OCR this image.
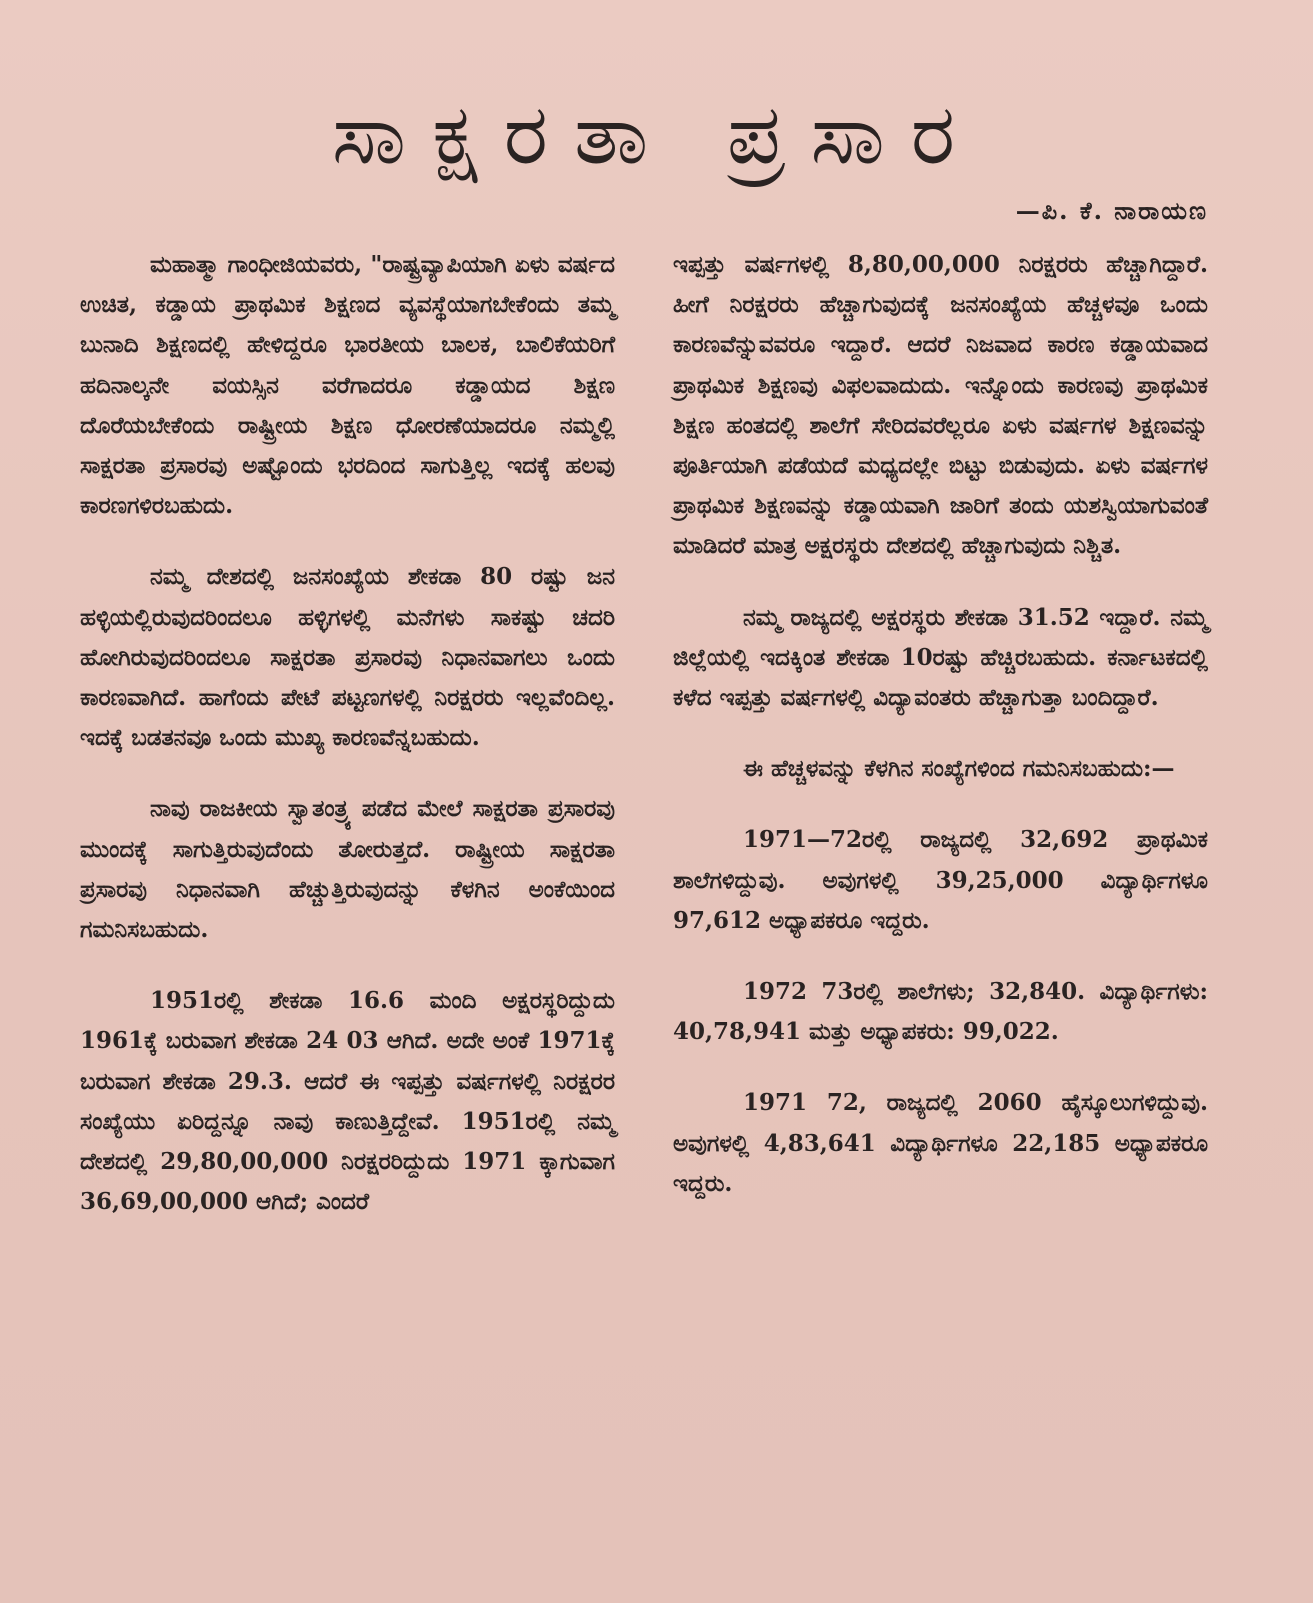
ಸಾಕ್ಷರತಾ ಪ್ರಸಾರ
—ಪಿ. ಕೆ. ನಾರಾಯಣ

ಮಹಾತ್ಮಾ ಗಾಂಧೀಜಿಯವರು, "ರಾಷ್ಟ್ರವ್ಯಾಪಿಯಾಗಿ ಏಳು ವರ್ಷದ ಉಚಿತ, ಕಡ್ಡಾಯ ಪ್ರಾಥಮಿಕ ಶಿಕ್ಷಣದ ವ್ಯವಸ್ಥೆಯಾಗಬೇಕೆಂದು ತಮ್ಮ ಬುನಾದಿ ಶಿಕ್ಷಣದಲ್ಲಿ ಹೇಳಿದ್ದರೂ ಭಾರತೀಯ ಬಾಲಕ, ಬಾಲಿಕೆಯರಿಗೆ ಹದಿನಾಲ್ಕನೇ ವಯಸ್ಸಿನ ವರೆಗಾದರೂ ಕಡ್ಡಾಯದ ಶಿಕ್ಷಣ ದೊರೆಯಬೇಕೆಂದು ರಾಷ್ಟ್ರೀಯ ಶಿಕ್ಷಣ ಧೋರಣೆಯಾದರೂ ನಮ್ಮಲ್ಲಿ ಸಾಕ್ಷರತಾ ಪ್ರಸಾರವು ಅಷ್ಟೊಂದು ಭರದಿಂದ ಸಾಗುತ್ತಿಲ್ಲ ಇದಕ್ಕೆ ಹಲವು ಕಾರಣಗಳಿರಬಹುದು.

ನಮ್ಮ ದೇಶದಲ್ಲಿ ಜನಸಂಖ್ಯೆಯ ಶೇಕಡಾ 80 ರಷ್ಟು ಜನ ಹಳ್ಳಿಯಲ್ಲಿರುವುದರಿಂದಲೂ ಹಳ್ಳಿಗಳಲ್ಲಿ ಮನೆಗಳು ಸಾಕಷ್ಟು ಚದರಿ ಹೋಗಿರುವುದರಿಂದಲೂ ಸಾಕ್ಷರತಾ ಪ್ರಸಾರವು ನಿಧಾನವಾಗಲು ಒಂದು ಕಾರಣವಾಗಿದೆ. ಹಾಗೆಂದು ಪೇಟೆ ಪಟ್ಟಣಗಳಲ್ಲಿ ನಿರಕ್ಷರರು ಇಲ್ಲವೆಂದಿಲ್ಲ. ಇದಕ್ಕೆ ಬಡತನವೂ ಒಂದು ಮುಖ್ಯ ಕಾರಣವೆನ್ನಬಹುದು.

ನಾವು ರಾಜಕೀಯ ಸ್ವಾತಂತ್ರ್ಯ ಪಡೆದ ಮೇಲೆ ಸಾಕ್ಷರತಾ ಪ್ರಸಾರವು ಮುಂದಕ್ಕೆ ಸಾಗುತ್ತಿರುವುದೆಂದು ತೋರುತ್ತದೆ. ರಾಷ್ಟ್ರೀಯ ಸಾಕ್ಷರತಾ ಪ್ರಸಾರವು ನಿಧಾನವಾಗಿ ಹೆಚ್ಚುತ್ತಿರುವುದನ್ನು ಕೆಳಗಿನ ಅಂಕೆಯಿಂದ ಗಮನಿಸಬಹುದು.

1951ರಲ್ಲಿ ಶೇಕಡಾ 16.6 ಮಂದಿ ಅಕ್ಷರಸ್ಥರಿದ್ದುದು 1961ಕ್ಕೆ ಬರುವಾಗ ಶೇಕಡಾ 24 03 ಆಗಿದೆ. ಅದೇ ಅಂಕೆ 1971ಕ್ಕೆ ಬರುವಾಗ ಶೇಕಡಾ 29.3. ಆದರೆ ಈ ಇಪ್ಪತ್ತು ವರ್ಷಗಳಲ್ಲಿ ನಿರಕ್ಷರರ ಸಂಖ್ಯೆಯು ಏರಿದ್ದನ್ನೂ ನಾವು ಕಾಣುತ್ತಿದ್ದೇವೆ. 1951ರಲ್ಲಿ ನಮ್ಮ ದೇಶದಲ್ಲಿ 29,80,00,000 ನಿರಕ್ಷರರಿದ್ದುದು 1971 ಕ್ಕಾಗುವಾಗ 36,69,00,000 ಆಗಿದೆ; ಎಂದರೆ

ಇಪ್ಪತ್ತು ವರ್ಷಗಳಲ್ಲಿ 8,80,00,000 ನಿರಕ್ಷರರು ಹೆಚ್ಚಾಗಿದ್ದಾರೆ. ಹೀಗೆ ನಿರಕ್ಷರರು ಹೆಚ್ಚಾಗುವುದಕ್ಕೆ ಜನಸಂಖ್ಯೆಯ ಹೆಚ್ಚಳವೂ ಒಂದು ಕಾರಣವೆನ್ನುವವರೂ ಇದ್ದಾರೆ. ಆದರೆ ನಿಜವಾದ ಕಾರಣ ಕಡ್ಡಾಯವಾದ ಪ್ರಾಥಮಿಕ ಶಿಕ್ಷಣವು ವಿಫಲವಾದುದು. ಇನ್ನೊಂದು ಕಾರಣವು ಪ್ರಾಥಮಿಕ ಶಿಕ್ಷಣ ಹಂತದಲ್ಲಿ ಶಾಲೆಗೆ ಸೇರಿದವರೆಲ್ಲರೂ ಏಳು ವರ್ಷಗಳ ಶಿಕ್ಷಣವನ್ನು ಪೂರ್ತಿಯಾಗಿ ಪಡೆಯದೆ ಮಧ್ಯದಲ್ಲೇ ಬಿಟ್ಟು ಬಿಡುವುದು. ಏಳು ವರ್ಷಗಳ ಪ್ರಾಥಮಿಕ ಶಿಕ್ಷಣವನ್ನು ಕಡ್ಡಾಯವಾಗಿ ಜಾರಿಗೆ ತಂದು ಯಶಸ್ವಿಯಾಗುವಂತೆ ಮಾಡಿದರೆ ಮಾತ್ರ ಅಕ್ಷರಸ್ಥರು ದೇಶದಲ್ಲಿ ಹೆಚ್ಚಾಗುವುದು ನಿಶ್ಚಿತ.

ನಮ್ಮ ರಾಜ್ಯದಲ್ಲಿ ಅಕ್ಷರಸ್ಥರು ಶೇಕಡಾ 31.52 ಇದ್ದಾರೆ. ನಮ್ಮ ಜಿಲ್ಲೆಯಲ್ಲಿ ಇದಕ್ಕಿಂತ ಶೇಕಡಾ 10ರಷ್ಟು ಹೆಚ್ಚಿರಬಹುದು. ಕರ್ನಾಟಕದಲ್ಲಿ ಕಳೆದ ಇಪ್ಪತ್ತು ವರ್ಷಗಳಲ್ಲಿ ವಿದ್ಯಾವಂತರು ಹೆಚ್ಚಾಗುತ್ತಾ ಬಂದಿದ್ದಾರೆ.

ಈ ಹೆಚ್ಚಳವನ್ನು ಕೆಳಗಿನ ಸಂಖ್ಯೆಗಳಿಂದ ಗಮನಿಸಬಹುದು:—

1971—72ರಲ್ಲಿ ರಾಜ್ಯದಲ್ಲಿ 32,692 ಪ್ರಾಥಮಿಕ ಶಾಲೆಗಳಿದ್ದುವು. ಅವುಗಳಲ್ಲಿ 39,25,000 ವಿದ್ಯಾರ್ಥಿಗಳೂ 97,612 ಅಧ್ಯಾಪಕರೂ ಇದ್ದರು.

1972 73ರಲ್ಲಿ ಶಾಲೆಗಳು; 32,840. ವಿದ್ಯಾರ್ಥಿಗಳು: 40,78,941 ಮತ್ತು ಅಧ್ಯಾಪಕರು: 99,022.

1971 72, ರಾಜ್ಯದಲ್ಲಿ 2060 ಹೈಸ್ಕೂಲುಗಳಿದ್ದುವು. ಅವುಗಳಲ್ಲಿ 4,83,641 ವಿದ್ಯಾರ್ಥಿಗಳೂ 22,185 ಅಧ್ಯಾಪಕರೂ ಇದ್ದರು.
